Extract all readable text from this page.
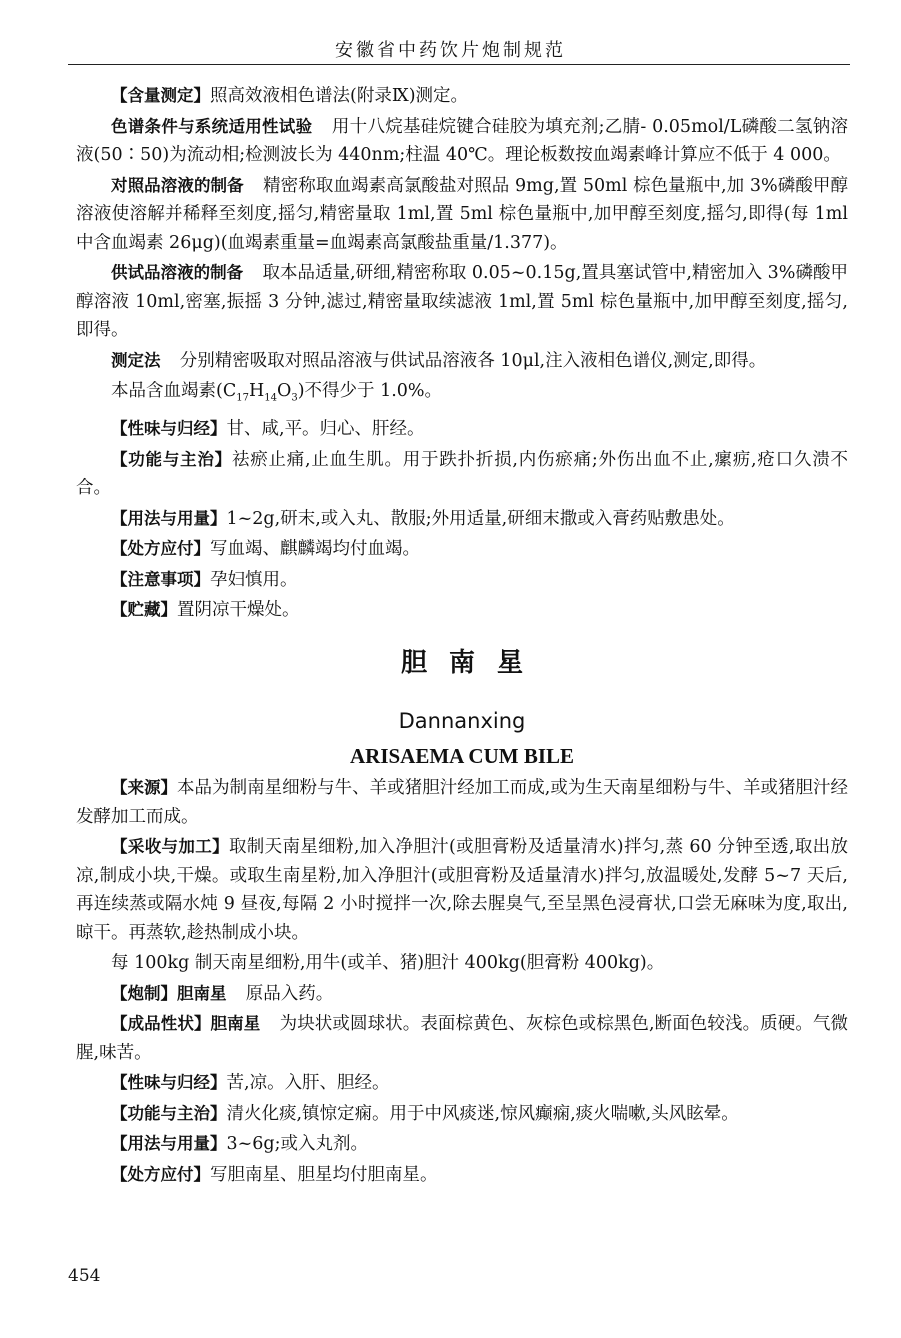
安徽省中药饮片炮制规范

【含量测定】照高效液相色谱法(附录Ⅸ)测定。

色谱条件与系统适用性试验 用十八烷基硅烷键合硅胶为填充剂;乙腈- 0.05mol/L磷酸二氢钠溶液(50∶50)为流动相;检测波长为 440nm;柱温 40℃。理论板数按血竭素峰计算应不低于 4 000。

对照品溶液的制备 精密称取血竭素高氯酸盐对照品 9mg,置 50ml 棕色量瓶中,加 3%磷酸甲醇溶液使溶解并稀释至刻度,摇匀,精密量取 1ml,置 5ml 棕色量瓶中,加甲醇至刻度,摇匀,即得(每 1ml 中含血竭素 26μg)(血竭素重量=血竭素高氯酸盐重量/1.377)。

供试品溶液的制备 取本品适量,研细,精密称取 0.05~0.15g,置具塞试管中,精密加入 3%磷酸甲醇溶液 10ml,密塞,振摇 3 分钟,滤过,精密量取续滤液 1ml,置 5ml 棕色量瓶中,加甲醇至刻度,摇匀,即得。

测定法 分别精密吸取对照品溶液与供试品溶液各 10μl,注入液相色谱仪,测定,即得。

本品含血竭素$(C_{17}H_{14}O_3)$不得少于 1.0%。

【性味与归经】甘、咸,平。归心、肝经。

【功能与主治】祛瘀止痛,止血生肌。用于跌扑折损,内伤瘀痛;外伤出血不止,瘰疬,疮口久溃不合。

【用法与用量】1~2g,研末,或入丸、散服;外用适量,研细末撒或入膏药贴敷患处。

【处方应付】写血竭、麒麟竭均付血竭。

【注意事项】孕妇慎用。

【贮藏】置阴凉干燥处。

胆南星
Dannanxing
ARISAEMA CUM BILE

【来源】本品为制南星细粉与牛、羊或猪胆汁经加工而成,或为生天南星细粉与牛、羊或猪胆汁经发酵加工而成。

【采收与加工】取制天南星细粉,加入净胆汁(或胆膏粉及适量清水)拌匀,蒸 60 分钟至透,取出放凉,制成小块,干燥。或取生南星粉,加入净胆汁(或胆膏粉及适量清水)拌匀,放温暖处,发酵 5~7 天后,再连续蒸或隔水炖 9 昼夜,每隔 2 小时搅拌一次,除去腥臭气,至呈黑色浸膏状,口尝无麻味为度,取出,晾干。再蒸软,趁热制成小块。

每 100kg 制天南星细粉,用牛(或羊、猪)胆汁 400kg(胆膏粉 400kg)。

【炮制】胆南星 原品入药。

【成品性状】胆南星 为块状或圆球状。表面棕黄色、灰棕色或棕黑色,断面色较浅。质硬。气微腥,味苦。

【性味与归经】苦,凉。入肝、胆经。

【功能与主治】清火化痰,镇惊定痫。用于中风痰迷,惊风癫痫,痰火喘嗽,头风眩晕。

【用法与用量】3~6g;或入丸剂。

【处方应付】写胆南星、胆星均付胆南星。

454
